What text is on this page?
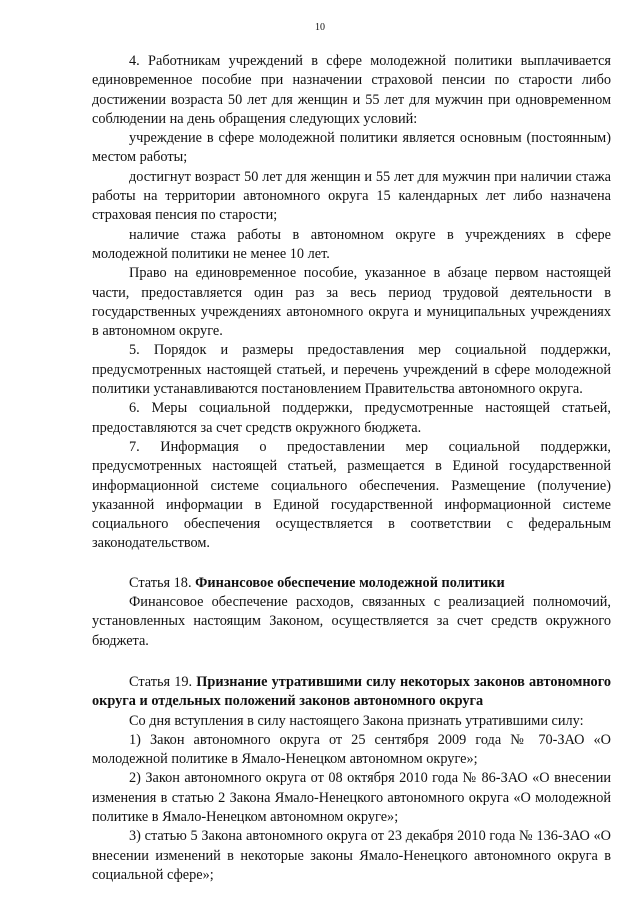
10

4. Работникам учреждений в сфере молодежной политики выплачивается единовременное пособие при назначении страховой пенсии по старости либо достижении возраста 50 лет для женщин и 55 лет для мужчин при одновременном соблюдении на день обращения следующих условий:

учреждение в сфере молодежной политики является основным (постоянным) местом работы;

достигнут возраст 50 лет для женщин и 55 лет для мужчин при наличии стажа работы на территории автономного округа 15 календарных лет либо назначена страховая пенсия по старости;

наличие стажа работы в автономном округе в учреждениях в сфере молодежной политики не менее 10 лет.

Право на единовременное пособие, указанное в абзаце первом настоящей части, предоставляется один раз за весь период трудовой деятельности в государственных учреждениях автономного округа и муниципальных учреждениях в автономном округе.

5. Порядок и размеры предоставления мер социальной поддержки, предусмотренных настоящей статьей, и перечень учреждений в сфере молодежной политики устанавливаются постановлением Правительства автономного округа.

6. Меры социальной поддержки, предусмотренные настоящей статьей, предоставляются за счет средств окружного бюджета.

7. Информация о предоставлении мер социальной поддержки, предусмотренных настоящей статьей, размещается в Единой государственной информационной системе социального обеспечения. Размещение (получение) указанной информации в Единой государственной информационной системе социального обеспечения осуществляется в соответствии с федеральным законодательством.

Статья 18. Финансовое обеспечение молодежной политики

Финансовое обеспечение расходов, связанных с реализацией полномочий, установленных настоящим Законом, осуществляется за счет средств окружного бюджета.

Статья 19. Признание утратившими силу некоторых законов автономного округа и отдельных положений законов автономного округа

Со дня вступления в силу настоящего Закона признать утратившими силу:

1) Закон автономного округа от 25 сентября 2009 года № 70-ЗАО «О молодежной политике в Ямало-Ненецком автономном округе»;

2) Закон автономного округа от 08 октября 2010 года № 86-ЗАО «О внесении изменения в статью 2 Закона Ямало-Ненецкого автономного округа «О молодежной политике в Ямало-Ненецком автономном округе»;

3) статью 5 Закона автономного округа от 23 декабря 2010 года № 136-ЗАО «О внесении изменений в некоторые законы Ямало-Ненецкого автономного округа в социальной сфере»;
